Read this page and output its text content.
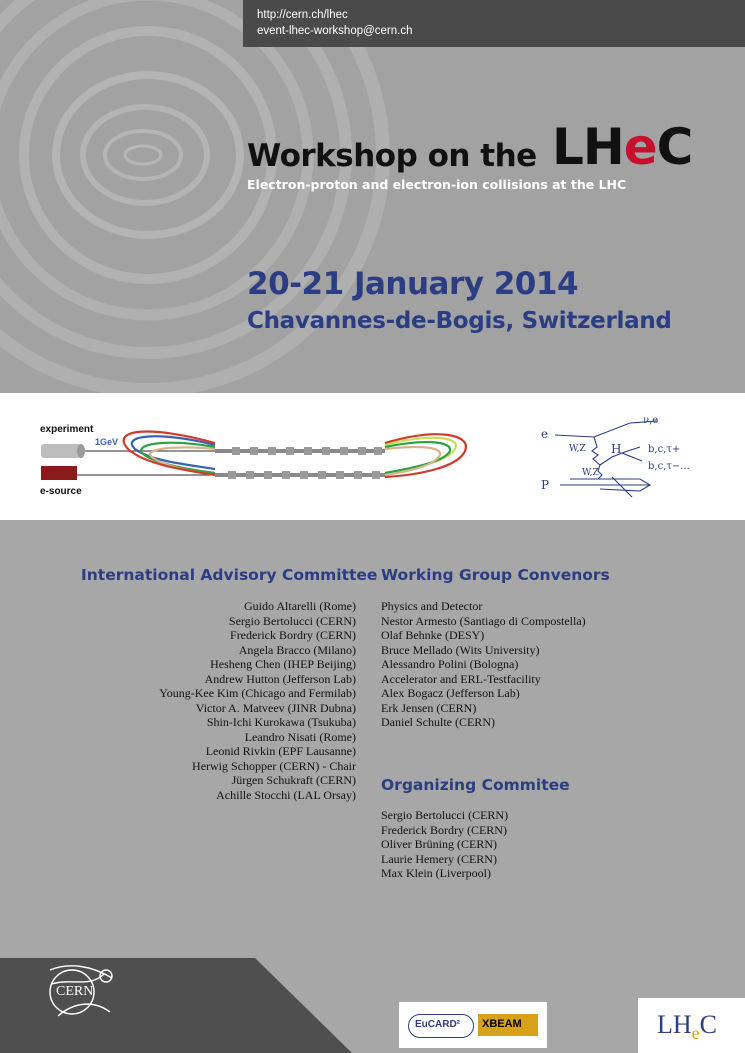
http://cern.ch/lhec
event-lhec-workshop@cern.ch
Workshop on the LHeC
Electron-proton and electron-ion collisions at the LHC
20-21 January 2014
Chavannes-de-Bogis, Switzerland
experiment
1GeV
e-source
e
P
ν,e
W,Z
W,Z
H	b,c,τ+
b,c,τ−...
International Advisory Committee
Guido Altarelli (Rome)
Sergio Bertolucci (CERN)
Frederick Bordry (CERN)
Angela Bracco (Milano)
Hesheng Chen (IHEP Beijing)
Andrew Hutton (Jefferson Lab)
Young-Kee Kim (Chicago and Fermilab)
Victor A. Matveev (JINR Dubna)
Shin-Ichi Kurokawa (Tsukuba)
Leandro Nisati (Rome)
Leonid Rivkin (EPF Lausanne)
Herwig Schopper (CERN) - Chair
Jürgen Schukraft (CERN)
Achille Stocchi (LAL Orsay)
Working Group Convenors
Physics and Detector
Nestor Armesto (Santiago di Compostella)
Olaf Behnke (DESY)
Bruce Mellado (Wits University)
Alessandro Polini (Bologna)
Accelerator and ERL-Testfacility
Alex Bogacz (Jefferson Lab)
Erk Jensen (CERN)
Daniel Schulte (CERN)
Organizing Commitee
Sergio Bertolucci (CERN)
Frederick Bordry (CERN)
Oliver Brüning (CERN)
Laurie Hemery (CERN)
Max Klein (Liverpool)
CERN
EuCARD² XBEAM	$LH_eC$
